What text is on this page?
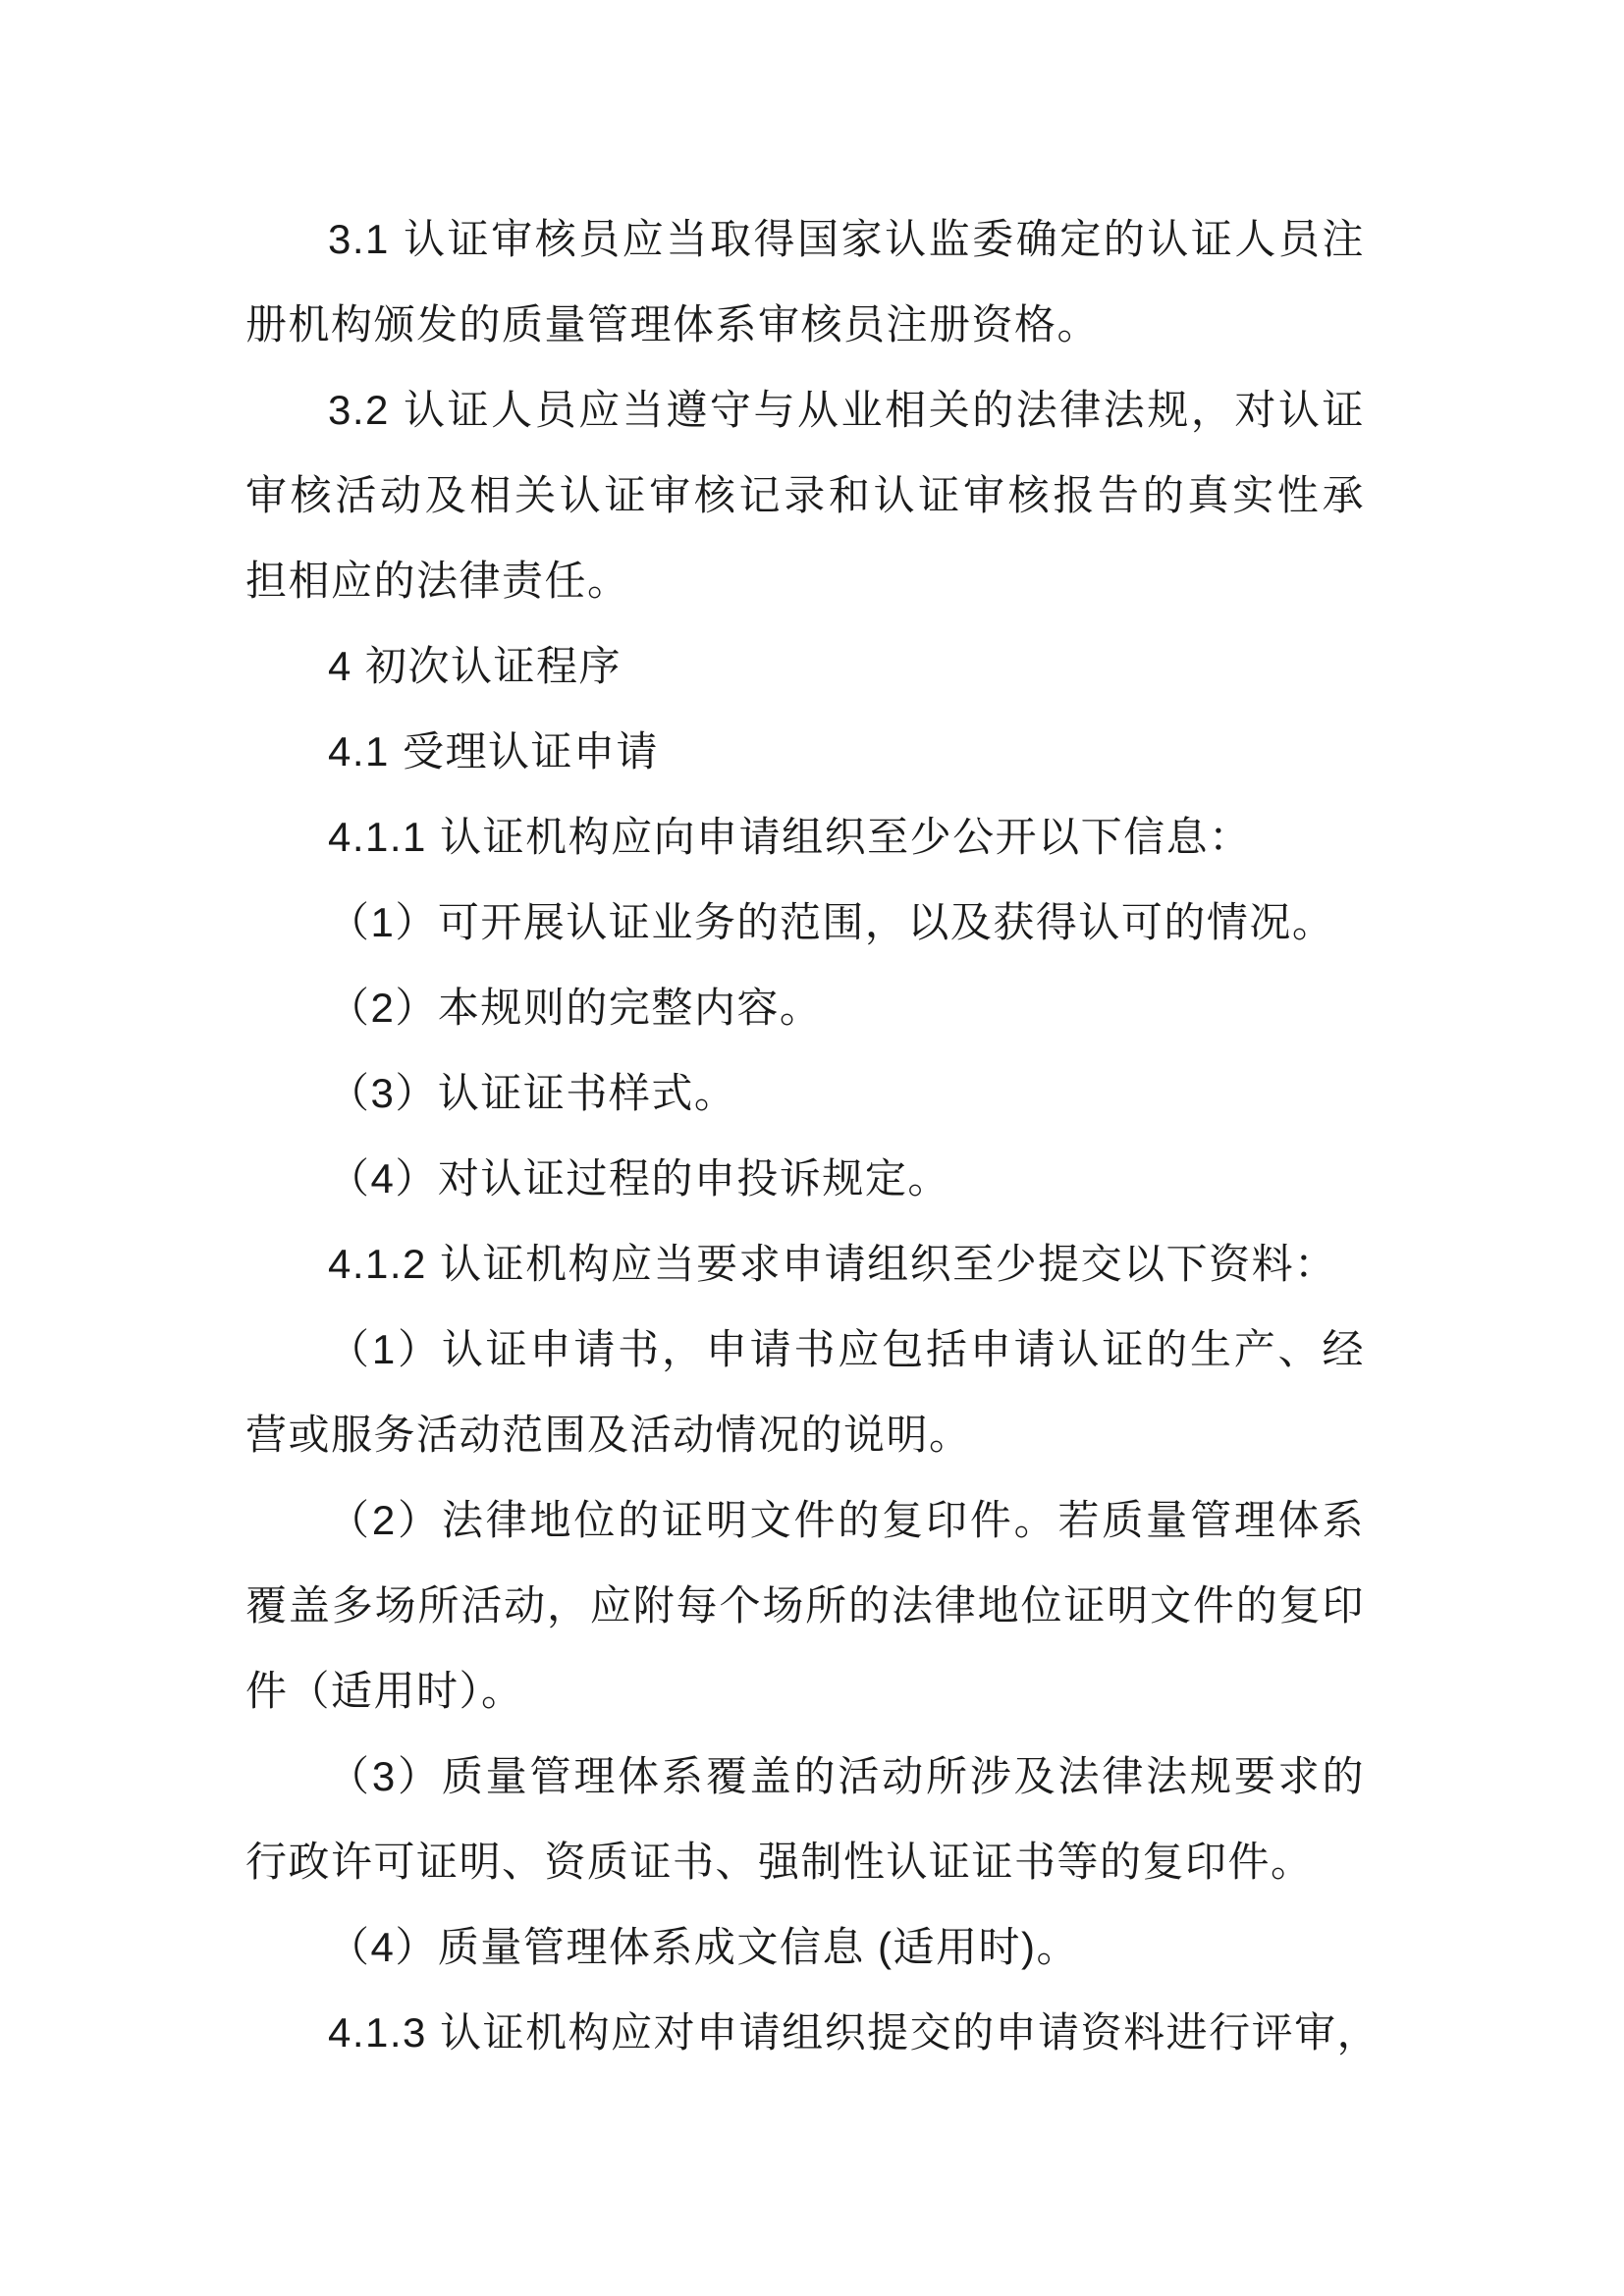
3.1 认证审核员应当取得国家认监委确定的认证人员注
册机构颁发的质量管理体系审核员注册资格。

3.2 认证人员应当遵守与从业相关的法律法规，对认证
审核活动及相关认证审核记录和认证审核报告的真实性承
担相应的法律责任。

4 初次认证程序

4.1 受理认证申请

4.1.1 认证机构应向申请组织至少公开以下信息：

（1）可开展认证业务的范围，以及获得认可的情况。

（2）本规则的完整内容。

（3）认证证书样式。

（4）对认证过程的申投诉规定。

4.1.2 认证机构应当要求申请组织至少提交以下资料：

（1）认证申请书，申请书应包括申请认证的生产、经
营或服务活动范围及活动情况的说明。

（2）法律地位的证明文件的复印件。若质量管理体系
覆盖多场所活动，应附每个场所的法律地位证明文件的复印
件（适用时）。

（3）质量管理体系覆盖的活动所涉及法律法规要求的
行政许可证明、资质证书、强制性认证证书等的复印件。

（4）质量管理体系成文信息 (适用时)。

4.1.3 认证机构应对申请组织提交的申请资料进行评审，
